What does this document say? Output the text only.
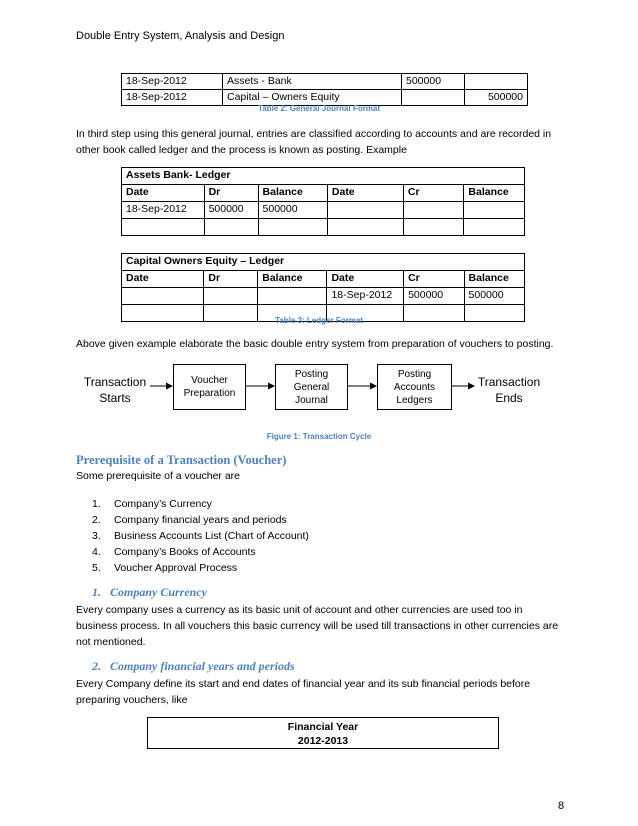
Double Entry System, Analysis and Design
18-Sep-2012	Assets - Bank	500000	
18-Sep-2012	Capital – Owners Equity		500000
Table 2: General Journal Format
In third step using this general journal, entries are classified according to accounts and are recorded in other book called ledger and the process is known as posting. Example
Assets Bank- Ledger					
Date	Dr	Balance	Date	Cr	Balance
18-Sep-2012	500000	500000			

Capital Owners Equity – Ledger					
Date	Dr	Balance	Date	Cr	Balance
			18-Sep-2012	500000	500000

Table 3: Ledger Format
Above given example elaborate the basic double entry system from preparation of vouchers to posting.
Transaction
Starts
Voucher
Preparation
Posting General
Journal
Posting Accounts
Ledgers
Transaction
Ends
Figure 1: Transaction Cycle
Prerequisite of a Transaction (Voucher)
Some prerequisite of a voucher are
1. Company’s Currency
2. Company financial years and periods
3. Business Accounts List (Chart of Account)
4. Company’s Books of Accounts
5. Voucher Approval Process
1.   Company Currency
Every company uses a currency as its basic unit of account and other currencies are used too in business process. In all vouchers this basic currency will be used till transactions in other currencies are not mentioned.
2.   Company financial years and periods
Every Company define its start and end dates of financial year and its sub financial periods before preparing vouchers, like
Financial Year
2012-2013
8
